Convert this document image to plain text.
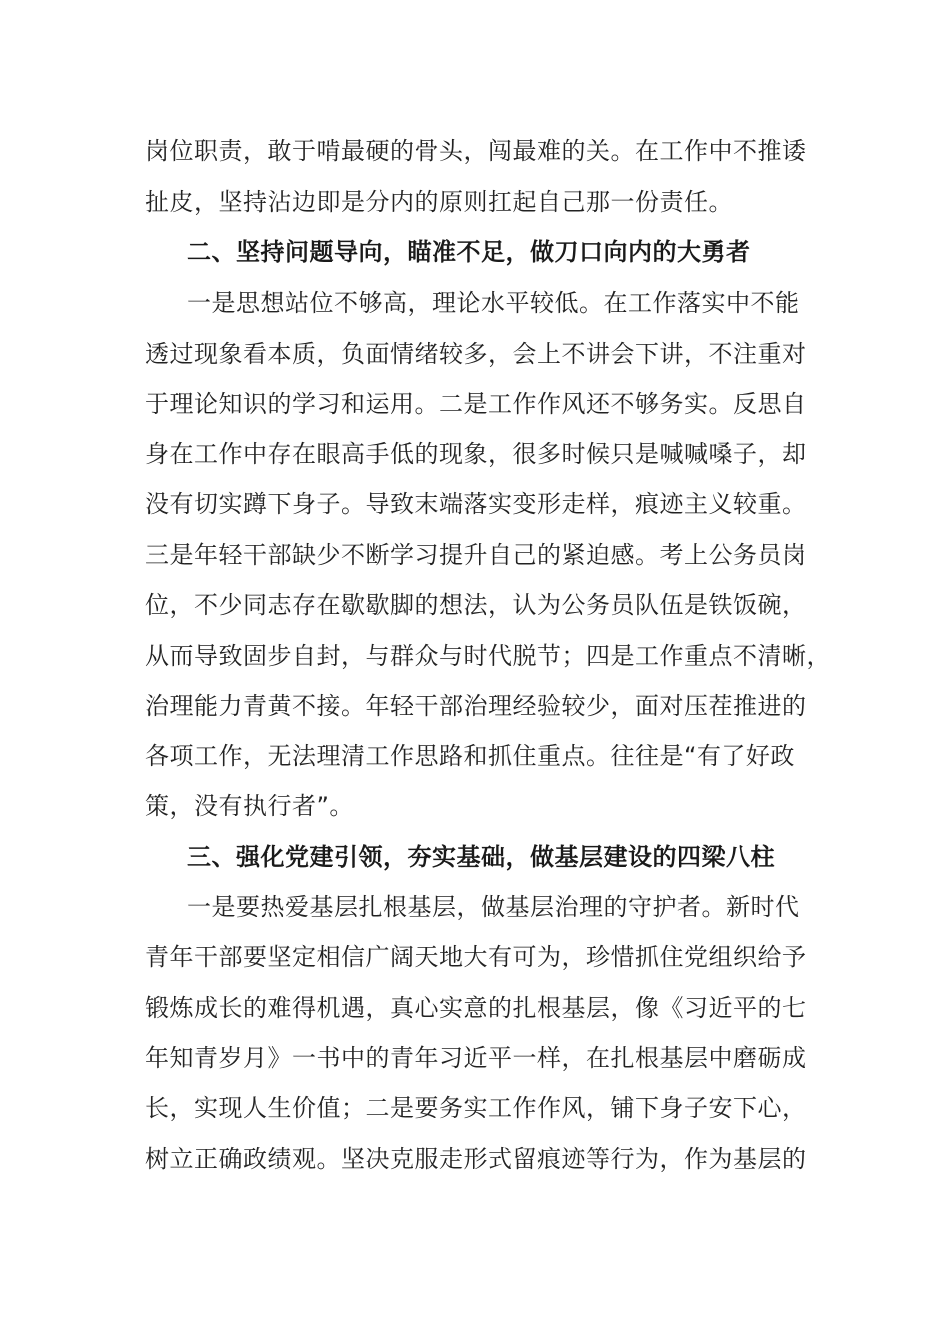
岗位职责，敢于啃最硬的骨头，闯最难的关。在工作中不推诿
扯皮，坚持沾边即是分内的原则扛起自己那一份责任。
二、坚持问题导向，瞄准不足，做刀口向内的大勇者
一是思想站位不够高，理论水平较低。在工作落实中不能
透过现象看本质，负面情绪较多，会上不讲会下讲，不注重对
于理论知识的学习和运用。二是工作作风还不够务实。反思自
身在工作中存在眼高手低的现象，很多时候只是喊喊嗓子，却
没有切实蹲下身子。导致末端落实变形走样，痕迹主义较重。
三是年轻干部缺少不断学习提升自己的紧迫感。考上公务员岗
位，不少同志存在歇歇脚的想法，认为公务员队伍是铁饭碗，
从而导致固步自封，与群众与时代脱节；四是工作重点不清晰，
治理能力青黄不接。年轻干部治理经验较少，面对压茬推进的
各项工作，无法理清工作思路和抓住重点。往往是“有了好政
策，没有执行者”。
三、强化党建引领，夯实基础，做基层建设的四梁八柱
一是要热爱基层扎根基层，做基层治理的守护者。新时代
青年干部要坚定相信广阔天地大有可为，珍惜抓住党组织给予
锻炼成长的难得机遇，真心实意的扎根基层，像《习近平的七
年知青岁月》一书中的青年习近平一样，在扎根基层中磨砺成
长，实现人生价值；二是要务实工作作风，铺下身子安下心，
树立正确政绩观。坚决克服走形式留痕迹等行为，作为基层的
